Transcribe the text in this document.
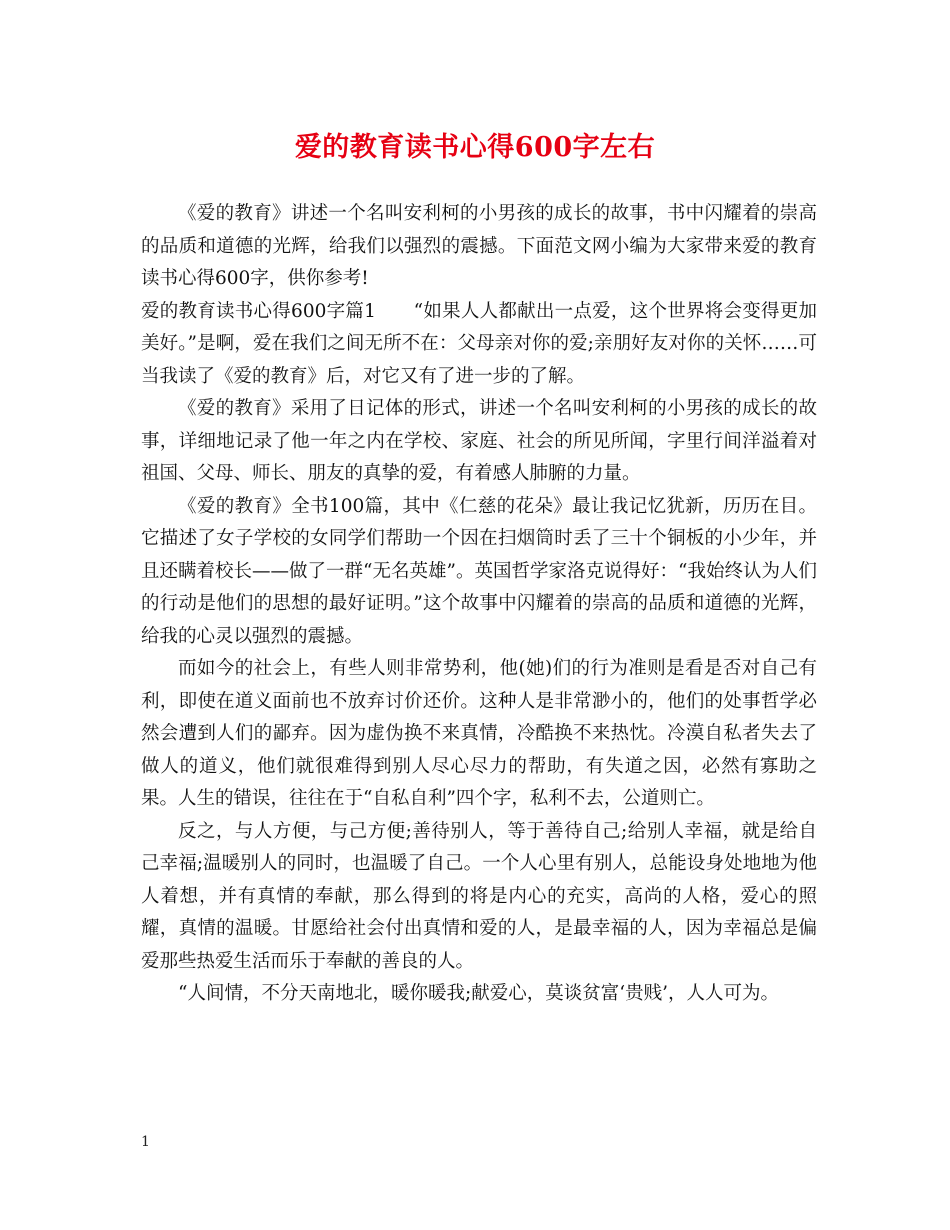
爱的教育读书心得600字左右

《爱的教育》讲述一个名叫安利柯的小男孩的成长的故事，书中闪耀着的崇高的品质和道德的光辉，给我们以强烈的震撼。下面范文网小编为大家带来爱的教育读书心得600字，供你参考!

爱的教育读书心得600字篇1　　“如果人人都献出一点爱，这个世界将会变得更加美好。”是啊，爱在我们之间无所不在：父母亲对你的爱;亲朋好友对你的关怀……可当我读了《爱的教育》后，对它又有了进一步的了解。

《爱的教育》采用了日记体的形式，讲述一个名叫安利柯的小男孩的成长的故事，详细地记录了他一年之内在学校、家庭、社会的所见所闻，字里行间洋溢着对祖国、父母、师长、朋友的真挚的爱，有着感人肺腑的力量。

《爱的教育》全书100篇，其中《仁慈的花朵》最让我记忆犹新，历历在目。它描述了女子学校的女同学们帮助一个因在扫烟筒时丢了三十个铜板的小少年，并且还瞒着校长——做了一群“无名英雄”。英国哲学家洛克说得好：“我始终认为人们的行动是他们的思想的最好证明。”这个故事中闪耀着的崇高的品质和道德的光辉，给我的心灵以强烈的震撼。

而如今的社会上，有些人则非常势利，他(她)们的行为准则是看是否对自己有利，即使在道义面前也不放弃讨价还价。这种人是非常渺小的，他们的处事哲学必然会遭到人们的鄙弃。因为虚伪换不来真情，冷酷换不来热忱。冷漠自私者失去了做人的道义，他们就很难得到别人尽心尽力的帮助，有失道之因，必然有寡助之果。人生的错误，往往在于“自私自利”四个字，私利不去，公道则亡。

反之，与人方便，与己方便;善待别人，等于善待自己;给别人幸福，就是给自己幸福;温暖别人的同时，也温暖了自己。一个人心里有别人，总能设身处地地为他人着想，并有真情的奉献，那么得到的将是内心的充实，高尚的人格，爱心的照耀，真情的温暖。甘愿给社会付出真情和爱的人，是最幸福的人，因为幸福总是偏爱那些热爱生活而乐于奉献的善良的人。

“人间情，不分天南地北，暖你暖我;献爱心，莫谈贫富‘贵贱’，人人可为。

1
